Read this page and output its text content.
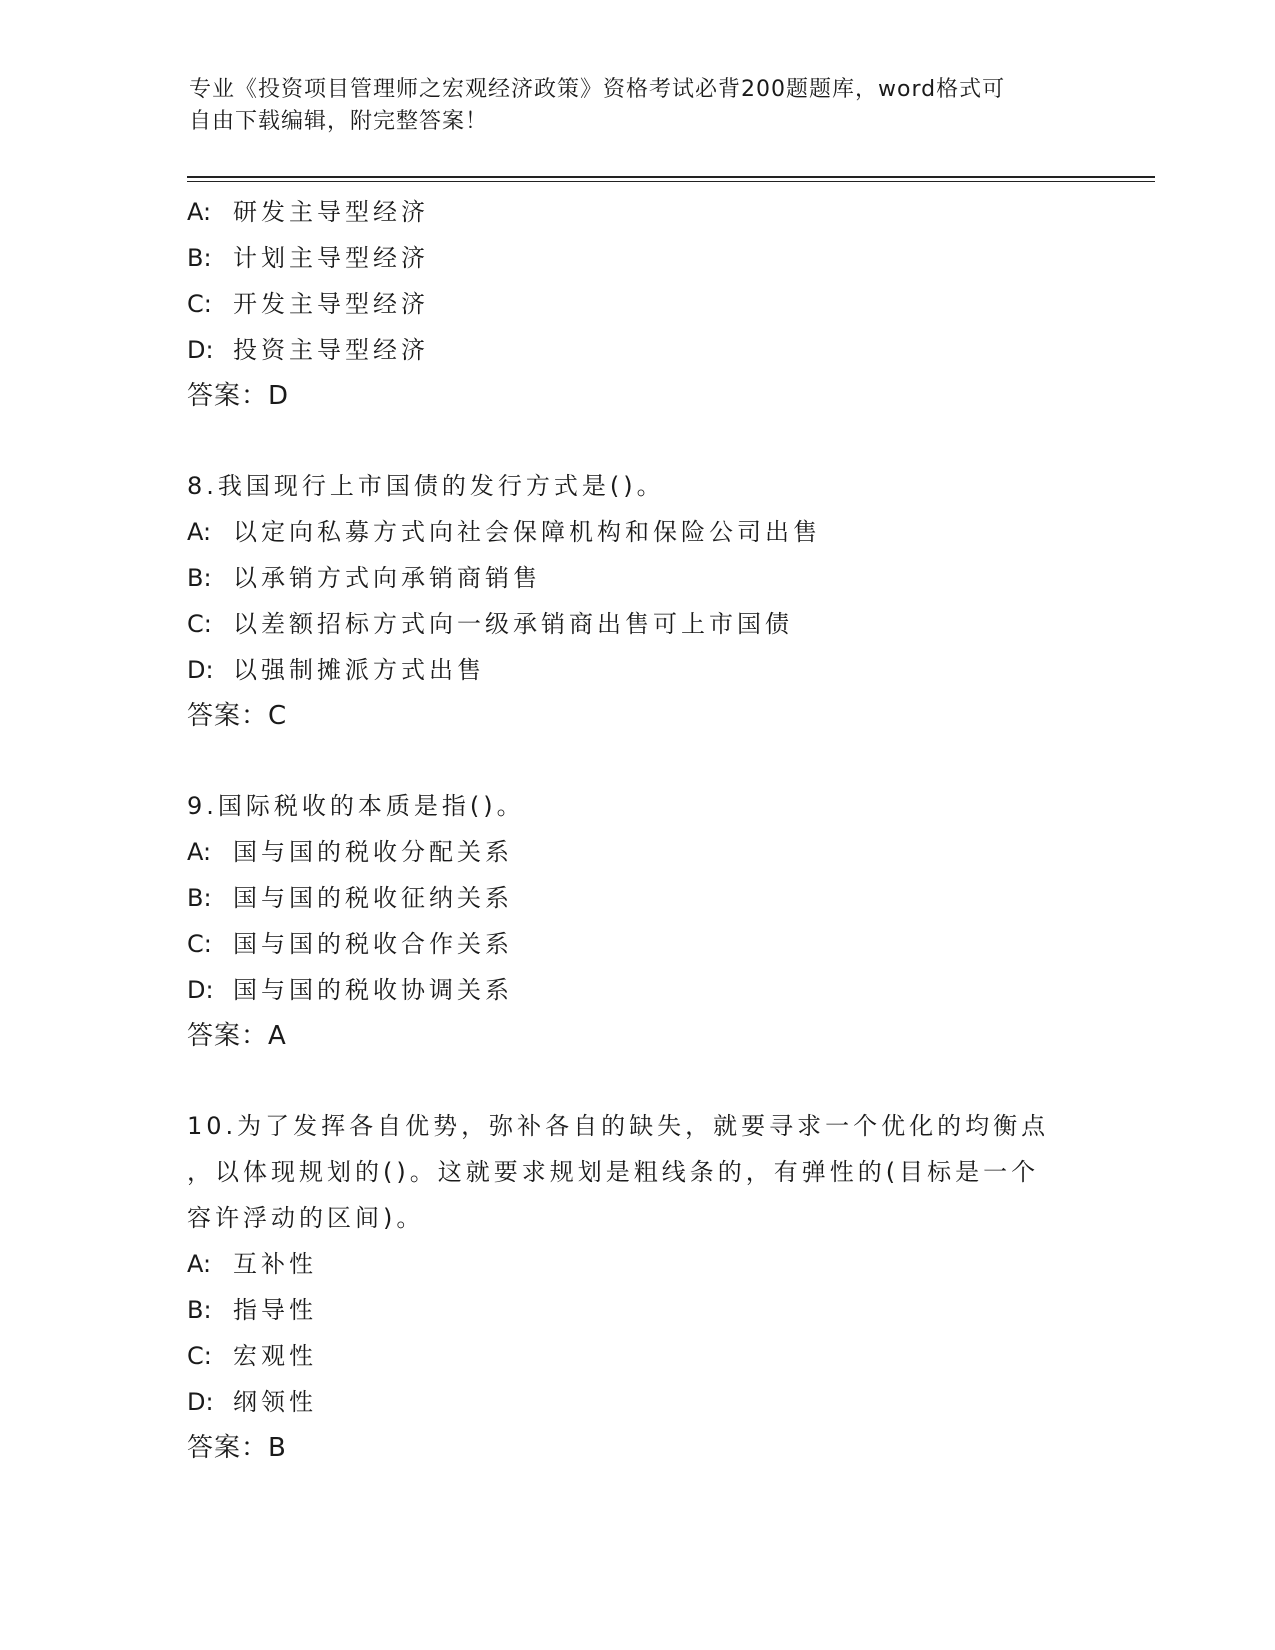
专业《投资项目管理师之宏观经济政策》资格考试必背200题题库，word格式可
自由下载编辑，附完整答案！
A: 研发主导型经济
B: 计划主导型经济
C: 开发主导型经济
D: 投资主导型经济
答案：D
8.我国现行上市国债的发行方式是()。
A: 以定向私募方式向社会保障机构和保险公司出售
B: 以承销方式向承销商销售
C: 以差额招标方式向一级承销商出售可上市国债
D: 以强制摊派方式出售
答案：C
9.国际税收的本质是指()。
A: 国与国的税收分配关系
B: 国与国的税收征纳关系
C: 国与国的税收合作关系
D: 国与国的税收协调关系
答案：A
10.为了发挥各自优势，弥补各自的缺失，就要寻求一个优化的均衡点
，以体现规划的()。这就要求规划是粗线条的，有弹性的(目标是一个
容许浮动的区间)。
A: 互补性
B: 指导性
C: 宏观性
D: 纲领性
答案：B
